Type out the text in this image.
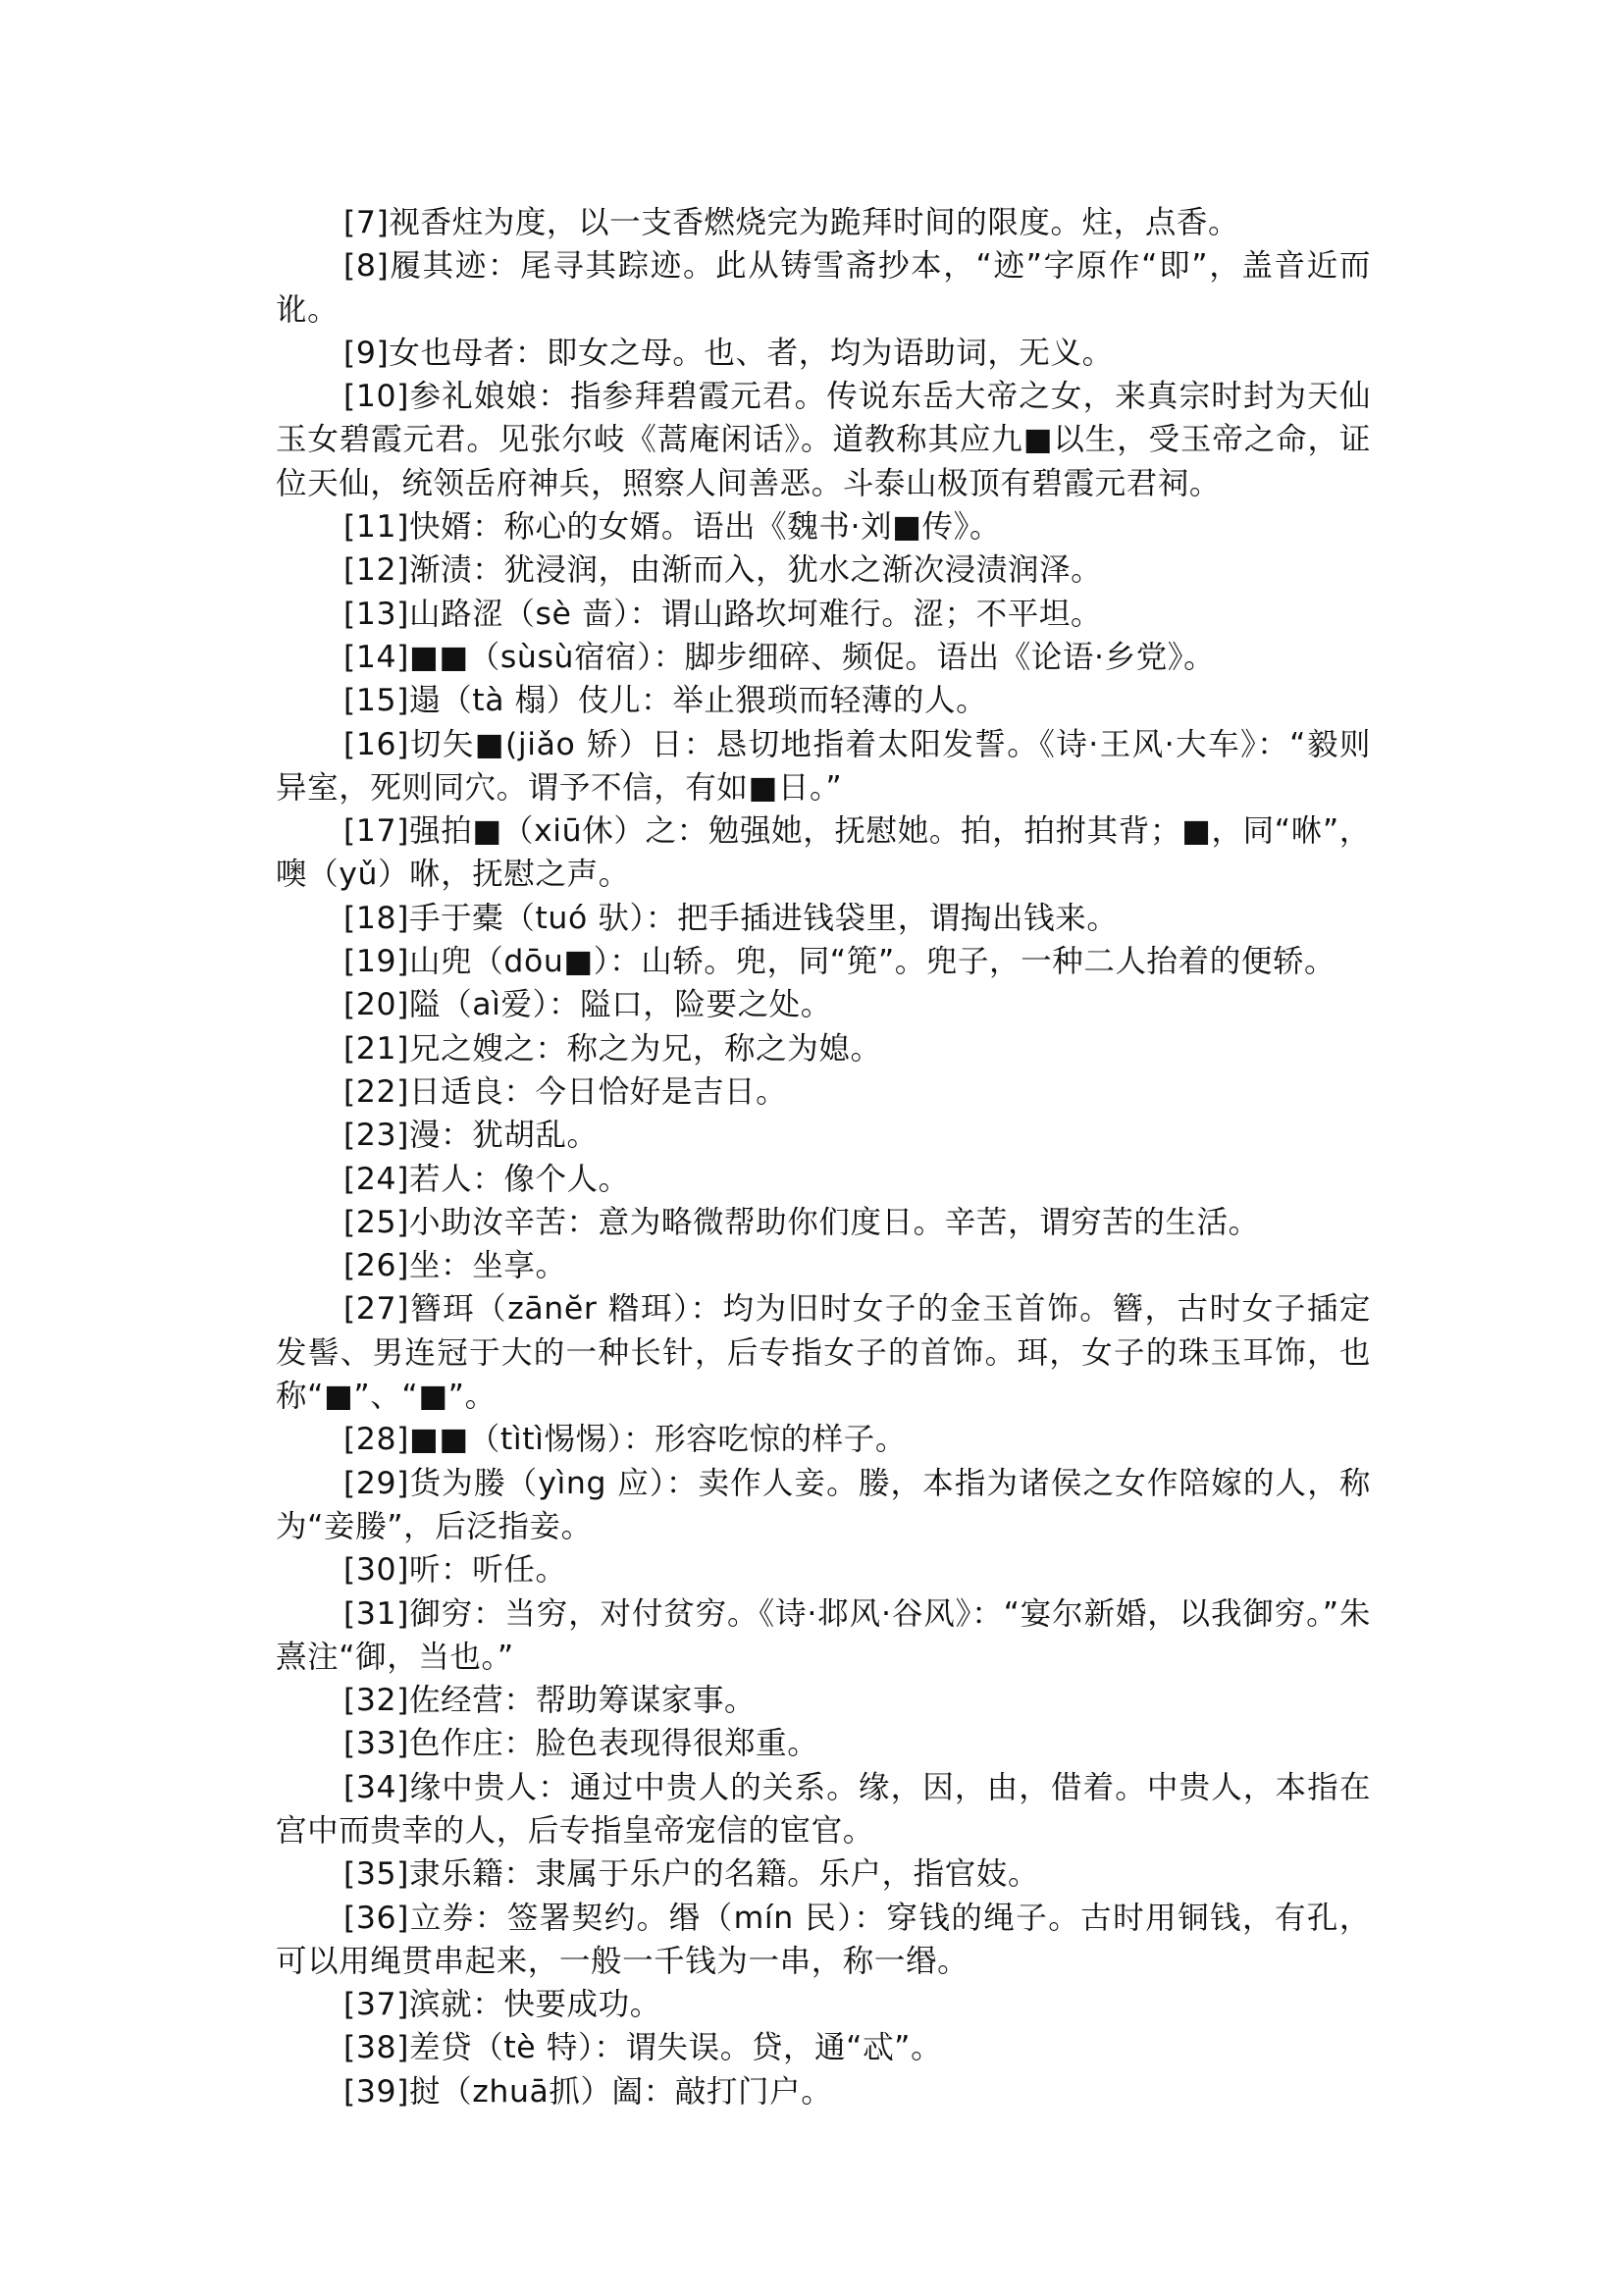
[7]视香炷为度，以一支香燃烧完为跪拜时间的限度。炷，点香。

[8]履其迹：尾寻其踪迹。此从铸雪斋抄本，“迹”字原作“即”，盖音近而讹。

[9]女也母者：即女之母。也、者，均为语助词，无义。

[10]参礼娘娘：指参拜碧霞元君。传说东岳大帝之女，来真宗时封为天仙玉女碧霞元君。见张尔岐《蒿庵闲话》。道教称其应九■以生，受玉帝之命，证位天仙，统领岳府神兵，照察人间善恶。斗泰山极顶有碧霞元君祠。

[11]快婿：称心的女婿。语出《魏书·刘■传》。

[12]渐渍：犹浸润，由渐而入，犹水之渐次浸渍润泽。

[13]山路涩（sè 啬）：谓山路坎坷难行。涩；不平坦。

[14]■■（sùsù宿宿）：脚步细碎、频促。语出《论语·乡党》。

[15]遢（tà 榻）伎儿：举止猥琐而轻薄的人。

[16]切矢■(jiǎo 矫）日：恳切地指着太阳发誓。《诗·王风·大车》：“毅则异室，死则同穴。谓予不信，有如■日。”

[17]强拍■（xiū休）之：勉强她，抚慰她。拍，拍拊其背；■，同“咻”，噢（yǔ）咻，抚慰之声。

[18]手于橐（tuó 驮）：把手插进钱袋里，谓掏出钱来。

[19]山兜（dōu■）：山轿。兜，同“篼”。兜子，一种二人抬着的便轿。

[20]隘（aì爱）：隘口，险要之处。

[21]兄之嫂之：称之为兄，称之为媳。

[22]日适良：今日恰好是吉日。

[23]漫：犹胡乱。

[24]若人：像个人。

[25]小助汝辛苦：意为略微帮助你们度日。辛苦，谓穷苦的生活。

[26]坐：坐享。

[27]簪珥（zānĕr 糌珥）：均为旧时女子的金玉首饰。簪，古时女子插定发髻、男连冠于大的一种长针，后专指女子的首饰。珥，女子的珠玉耳饰，也称“■”、“■”。

[28]■■（tìtì惕惕）：形容吃惊的样子。

[29]货为媵（yìng 应）：卖作人妾。媵，本指为诸侯之女作陪嫁的人，称为“妾媵”，后泛指妾。

[30]听：听任。

[31]御穷：当穷，对付贫穷。《诗·邶风·谷风》：“宴尔新婚，以我御穷。”朱熹注“御，当也。”

[32]佐经营：帮助筹谋家事。

[33]色作庄：脸色表现得很郑重。

[34]缘中贵人：通过中贵人的关系。缘，因，由，借着。中贵人，本指在宫中而贵幸的人，后专指皇帝宠信的宦官。

[35]隶乐籍：隶属于乐户的名籍。乐户，指官妓。

[36]立券：签署契约。缗（mín 民）：穿钱的绳子。古时用铜钱，有孔，可以用绳贯串起来，一般一千钱为一串，称一缗。

[37]滨就：快要成功。

[38]差贷（tè 特）：谓失误。贷，通“忒”。

[39]挝（zhuā抓）阖：敲打门户。
